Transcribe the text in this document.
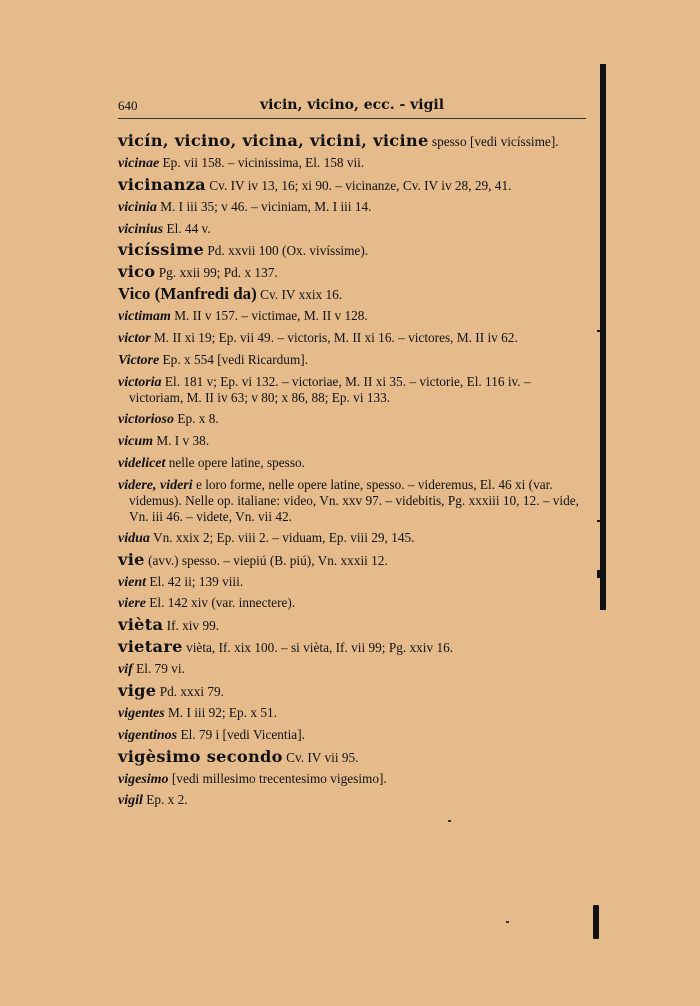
640	vicin, vicino, ecc. - vigil

vicín, vicino, vicina, vicini, vicine spesso [vedi vicíssime].

vicinae Ep. vii 158. – vicinissima, El. 158 vii.

vicinanza Cv. IV iv 13, 16; xi 90. – vicinanze, Cv. IV iv 28, 29, 41.

vicinia M. I iii 35; v 46. – viciniam, M. I iii 14.

vicinius El. 44 v.

vicíssime Pd. xxvii 100 (Ox. vivíssime).

vico Pg. xxii 99; Pd. x 137.

Vico (Manfredi da) Cv. IV xxix 16.

victimam M. II v 157. – victimae, M. II v 128.

victor M. II xi 19; Ep. vii 49. – victoris, M. II xi 16. – victores, M. II iv 62.

Victore Ep. x 554 [vedi Ricardum].

victoria El. 181 v; Ep. vi 132. – victoriae, M. II xi 35. – victorie, El. 116 iv. – victoriam, M. II iv 63; v 80; x 86, 88; Ep. vi 133.

victorioso Ep. x 8.

vicum M. I v 38.

videlicet nelle opere latine, spesso.

videre, videri e loro forme, nelle opere latine, spesso. – videremus, El. 46 xi (var. videmus). Nelle op. italiane: video, Vn. xxv 97. – videbitis, Pg. xxxiii 10, 12. – vide, Vn. iii 46. – videte, Vn. vii 42.

vidua Vn. xxix 2; Ep. viii 2. – viduam, Ep. viii 29, 145.

vie (avv.) spesso. – viepiú (B. piú), Vn. xxxii 12.

vient El. 42 ii; 139 viii.

viere El. 142 xiv (var. innectere).

vièta If. xiv 99.

vietare vièta, If. xix 100. – si vièta, If. vii 99; Pg. xxiv 16.

vif El. 79 vi.

vige Pd. xxxi 79.

vigentes M. I iii 92; Ep. x 51.

vigentinos El. 79 i [vedi Vicentia].

vigèsimo secondo Cv. IV vii 95.

vigesimo [vedi millesimo trecentesimo vigesimo].

vigil Ep. x 2.
